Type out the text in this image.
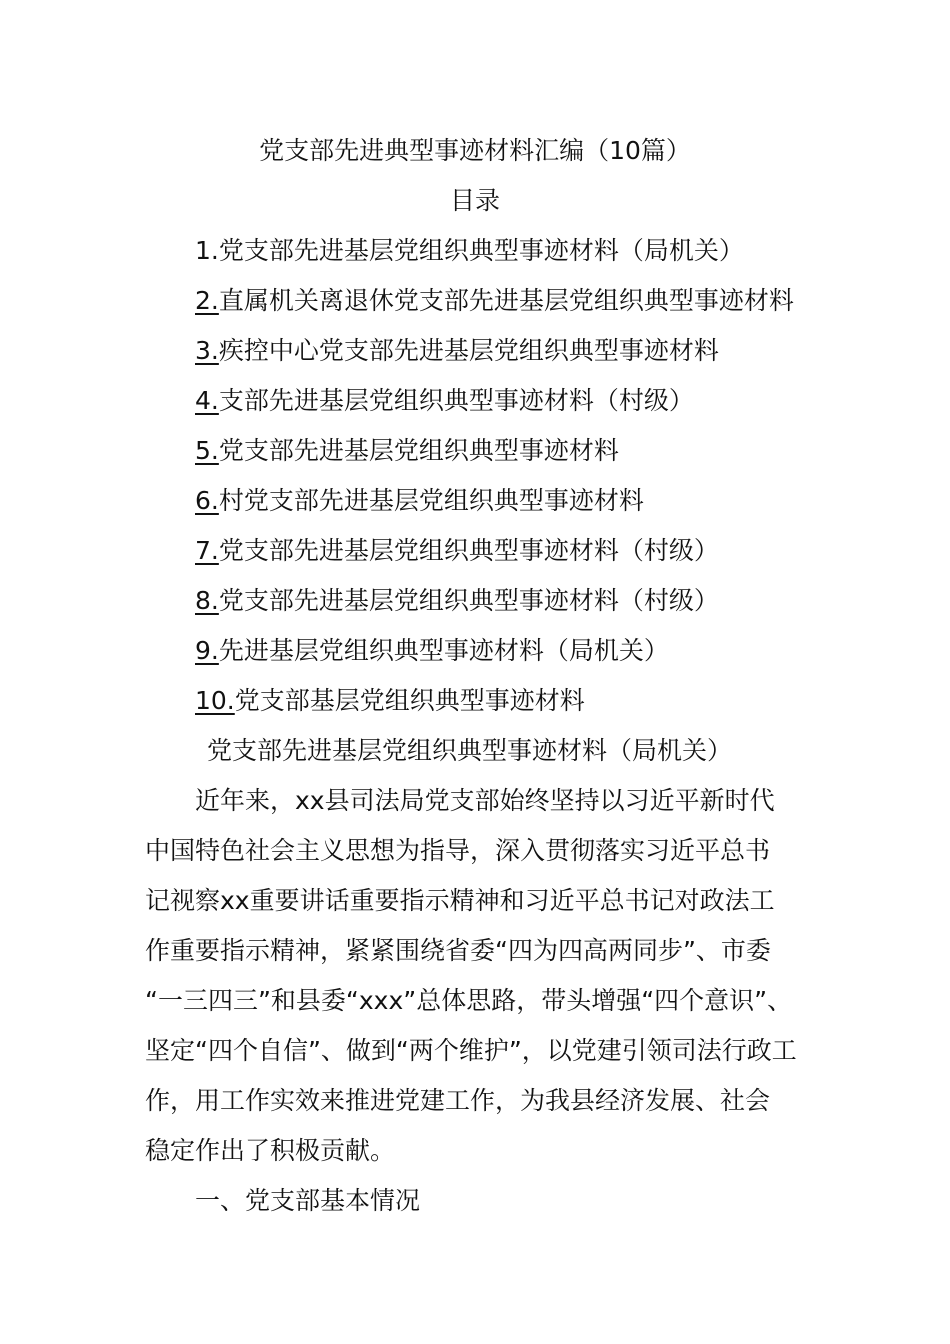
党支部先进典型事迹材料汇编（10篇）
目录
1.党支部先进基层党组织典型事迹材料（局机关）
2.直属机关离退休党支部先进基层党组织典型事迹材料
3.疾控中心党支部先进基层党组织典型事迹材料
4.支部先进基层党组织典型事迹材料（村级）
5.党支部先进基层党组织典型事迹材料
6.村党支部先进基层党组织典型事迹材料
7.党支部先进基层党组织典型事迹材料（村级）
8.党支部先进基层党组织典型事迹材料（村级）
9.先进基层党组织典型事迹材料（局机关）
10.党支部基层党组织典型事迹材料
党支部先进基层党组织典型事迹材料（局机关）
近年来，xx县司法局党支部始终坚持以习近平新时代
中国特色社会主义思想为指导，深入贯彻落实习近平总书
记视察xx重要讲话重要指示精神和习近平总书记对政法工
作重要指示精神，紧紧围绕省委“四为四高两同步”、市委
“一三四三”和县委“xxx”总体思路，带头增强“四个意识”、
坚定“四个自信”、做到“两个维护”，以党建引领司法行政工
作，用工作实效来推进党建工作，为我县经济发展、社会
稳定作出了积极贡献。
一、党支部基本情况
